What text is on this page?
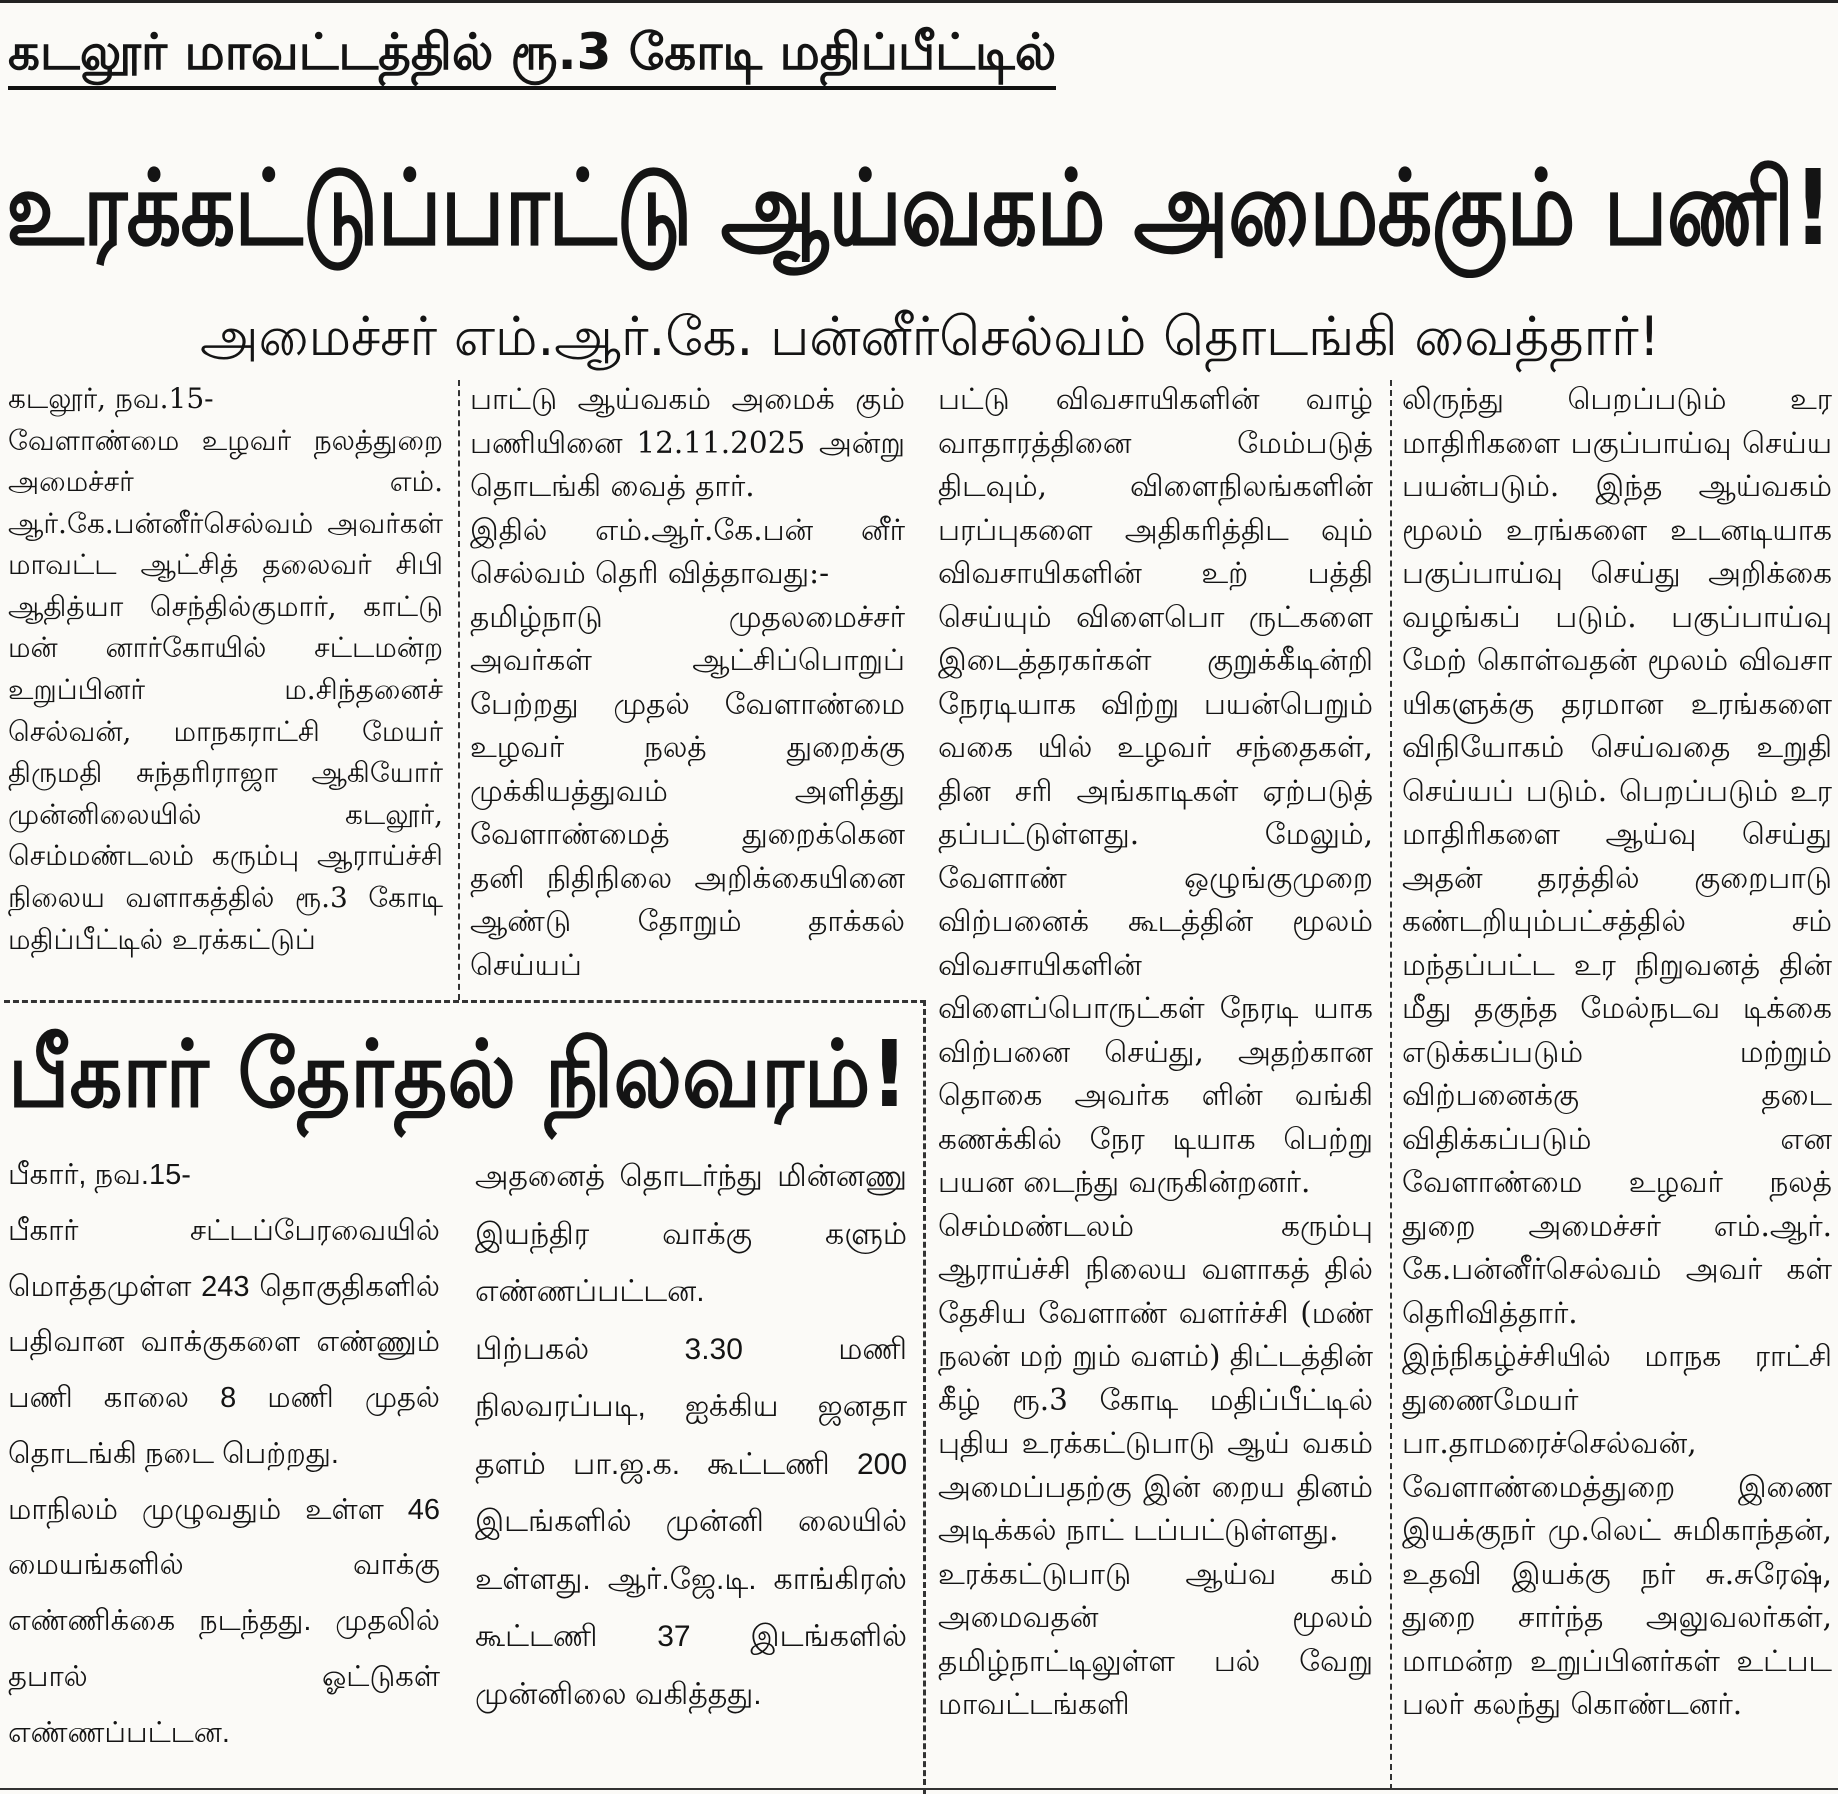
கடலூர் மாவட்டத்தில் ரூ.3 கோடி மதிப்பீட்டில்
உரக்கட்டுப்பாட்டு ஆய்வகம் அமைக்கும் பணி!
அமைச்சர் எம்.ஆர்.கே. பன்னீர்செல்வம் தொடங்கி வைத்தார்!
கடலூர், நவ.15-
வேளாண்மை உழவர் நலத்துறை அமைச்சர் எம். ஆர்.கே.பன்னீர்செல்வம் அவர்கள் மாவட்ட ஆட்சித் தலைவர் சிபி ஆதித்யா செந்தில்குமார், காட்டு மன் னார்கோயில் சட்டமன்ற உறுப்பினர் ம.சிந்தனைச் செல்வன், மாநகராட்சி மேயர் திருமதி சுந்தரிராஜா ஆகியோர் முன்னிலையில் கடலூர், செம்மண்டலம் கரும்பு ஆராய்ச்சி நிலைய வளாகத்தில் ரூ.3 கோடி மதிப்பீட்டில் உரக்கட்டுப்
பாட்டு ஆய்வகம் அமைக் கும் பணியினை 12.11.2025 அன்று தொடங்கி வைத் தார்.
இதில் எம்.ஆர்.கே.பன் னீர் செல்வம் தெரி வித்தாவது:-
தமிழ்நாடு முதலமைச்சர் அவர்கள் ஆட்சிப்பொறுப் பேற்றது முதல் வேளாண்மை உழவர் நலத் துறைக்கு முக்கியத்துவம் அளித்து வேளாண்மைத் துறைக்கென தனி நிதிநிலை அறிக்கையினை ஆண்டு தோறும் தாக்கல் செய்யப்
பட்டு விவசாயிகளின் வாழ் வாதாரத்தினை மேம்படுத் திடவும், விளைநிலங்களின் பரப்புகளை அதிகரித்திட வும் விவசாயிகளின் உற் பத்தி செய்யும் விளைபொ ருட்களை இடைத்தரகர்கள் குறுக்கீடின்றி நேரடியாக விற்று பயன்பெறும் வகை யில் உழவர் சந்தைகள், தின சரி அங்காடிகள் ஏற்படுத் தப்பட்டுள்ளது. மேலும், வேளாண் ஒழுங்குமுறை விற்பனைக் கூடத்தின் மூலம் விவசாயிகளின் விளைப்பொருட்கள் நேரடி யாக விற்பனை செய்து, அதற்கான தொகை அவர்க ளின் வங்கி கணக்கில் நேர டியாக பெற்று பயன டைந்து வருகின்றனர்.
செம்மண்டலம் கரும்பு ஆராய்ச்சி நிலைய வளாகத் தில் தேசிய வேளாண் வளர்ச்சி (மண் நலன் மற் றும் வளம்) திட்டத்தின் கீழ் ரூ.3 கோடி மதிப்பீட்டில் புதிய உரக்கட்டுபாடு ஆய் வகம் அமைப்பதற்கு இன் றைய தினம் அடிக்கல் நாட் டப்பட்டுள்ளது.
உரக்கட்டுபாடு ஆய்வ கம் அமைவதன் மூலம் தமிழ்நாட்டிலுள்ள பல் வேறு மாவட்டங்களி
லிருந்து பெறப்படும் உர மாதிரிகளை பகுப்பாய்வு செய்ய பயன்படும். இந்த ஆய்வகம் மூலம் உரங்களை உடனடியாக பகுப்பாய்வு செய்து அறிக்கை வழங்கப் படும். பகுப்பாய்வு மேற் கொள்வதன் மூலம் விவசா யிகளுக்கு தரமான உரங்களை விநியோகம் செய்வதை உறுதி செய்யப் படும். பெறப்படும் உர மாதிரிகளை ஆய்வு செய்து அதன் தரத்தில் குறைபாடு கண்டறியும்பட்சத்தில் சம் மந்தப்பட்ட உர நிறுவனத் தின் மீது தகுந்த மேல்நடவ டிக்கை எடுக்கப்படும் மற்றும் விற்பனைக்கு தடை விதிக்கப்படும் என வேளாண்மை உழவர் நலத் துறை அமைச்சர் எம்.ஆர். கே.பன்னீர்செல்வம் அவர் கள் தெரிவித்தார்.
இந்நிகழ்ச்சியில் மாநக ராட்சி துணைமேயர் பா.தாமரைச்செல்வன், வேளாண்மைத்துறை இணை இயக்குநர் மு.லெட் சுமிகாந்தன், உதவி இயக்கு நர் சு.சுரேஷ், துறை சார்ந்த அலுவலர்கள், மாமன்ற உறுப்பினர்கள் உட்பட பலர் கலந்து கொண்டனர்.
பீகார் தேர்தல் நிலவரம்!
பீகார், நவ.15-
பீகார் சட்டப்பேரவையில் மொத்தமுள்ள 243 தொகுதிகளில் பதிவான வாக்குகளை எண்ணும் பணி காலை 8 மணி முதல் தொடங்கி நடை பெற்றது.
மாநிலம் முழுவதும் உள்ள 46 மையங்களில் வாக்கு எண்ணிக்கை நடந்தது. முதலில் தபால் ஓட்டுகள் எண்ணப்பட்டன.
அதனைத் தொடர்ந்து மின்னணு இயந்திர வாக்கு களும் எண்ணப்பட்டன.
பிற்பகல் 3.30 மணி நிலவரப்படி, ஐக்கிய ஜனதா தளம் பா.ஜ.க. கூட்டணி 200 இடங்களில் முன்னி லையில் உள்ளது. ஆர்.ஜே.டி. காங்கிரஸ் கூட்டணி 37 இடங்களில் முன்னிலை வகித்தது.
